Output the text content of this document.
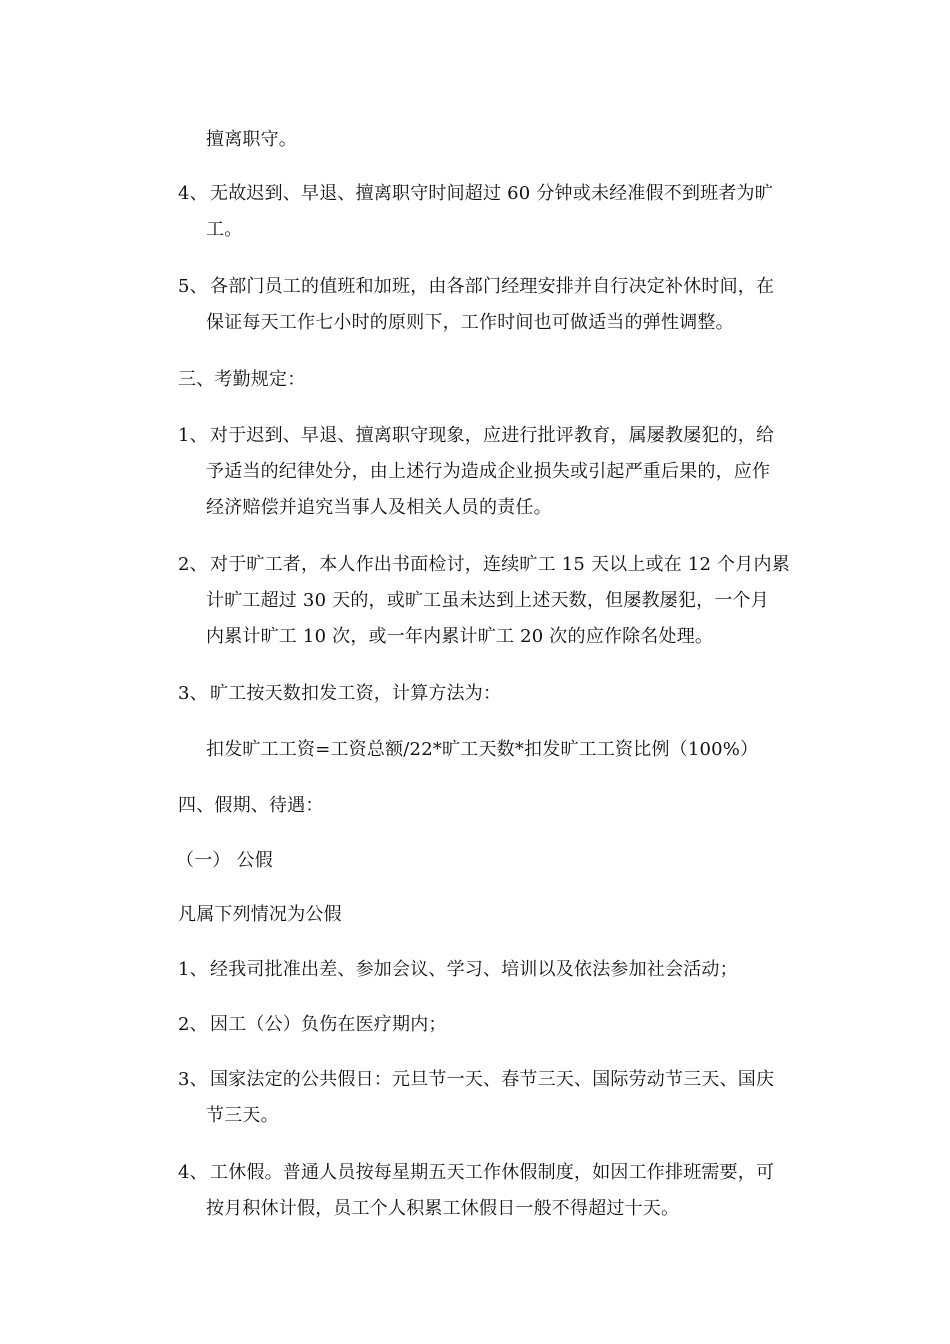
擅离职守。
4、 无故迟到、早退、擅离职守时间超过 60 分钟或未经准假不到班者为旷
工。
5、 各部门员工的值班和加班，由各部门经理安排并自行决定补休时间，在
保证每天工作七小时的原则下，工作时间也可做适当的弹性调整。
三、考勤规定：
1、 对于迟到、早退、擅离职守现象，应进行批评教育，属屡教屡犯的，给
予适当的纪律处分，由上述行为造成企业损失或引起严重后果的，应作
经济赔偿并追究当事人及相关人员的责任。
2、 对于旷工者，本人作出书面检讨，连续旷工 15 天以上或在 12 个月内累
计旷工超过 30 天的，或旷工虽未达到上述天数，但屡教屡犯，一个月
内累计旷工 10 次，或一年内累计旷工 20 次的应作除名处理。
3、 旷工按天数扣发工资，计算方法为：
扣发旷工工资=工资总额/22*旷工天数*扣发旷工工资比例（100%）
四、假期、待遇：
（一） 公假
凡属下列情况为公假
1、 经我司批准出差、参加会议、学习、培训以及依法参加社会活动；
2、 因工（公）负伤在医疗期内；
3、 国家法定的公共假日：元旦节一天、春节三天、国际劳动节三天、国庆
节三天。
4、 工休假。普通人员按每星期五天工作休假制度，如因工作排班需要，可
按月积休计假，员工个人积累工休假日一般不得超过十天。
